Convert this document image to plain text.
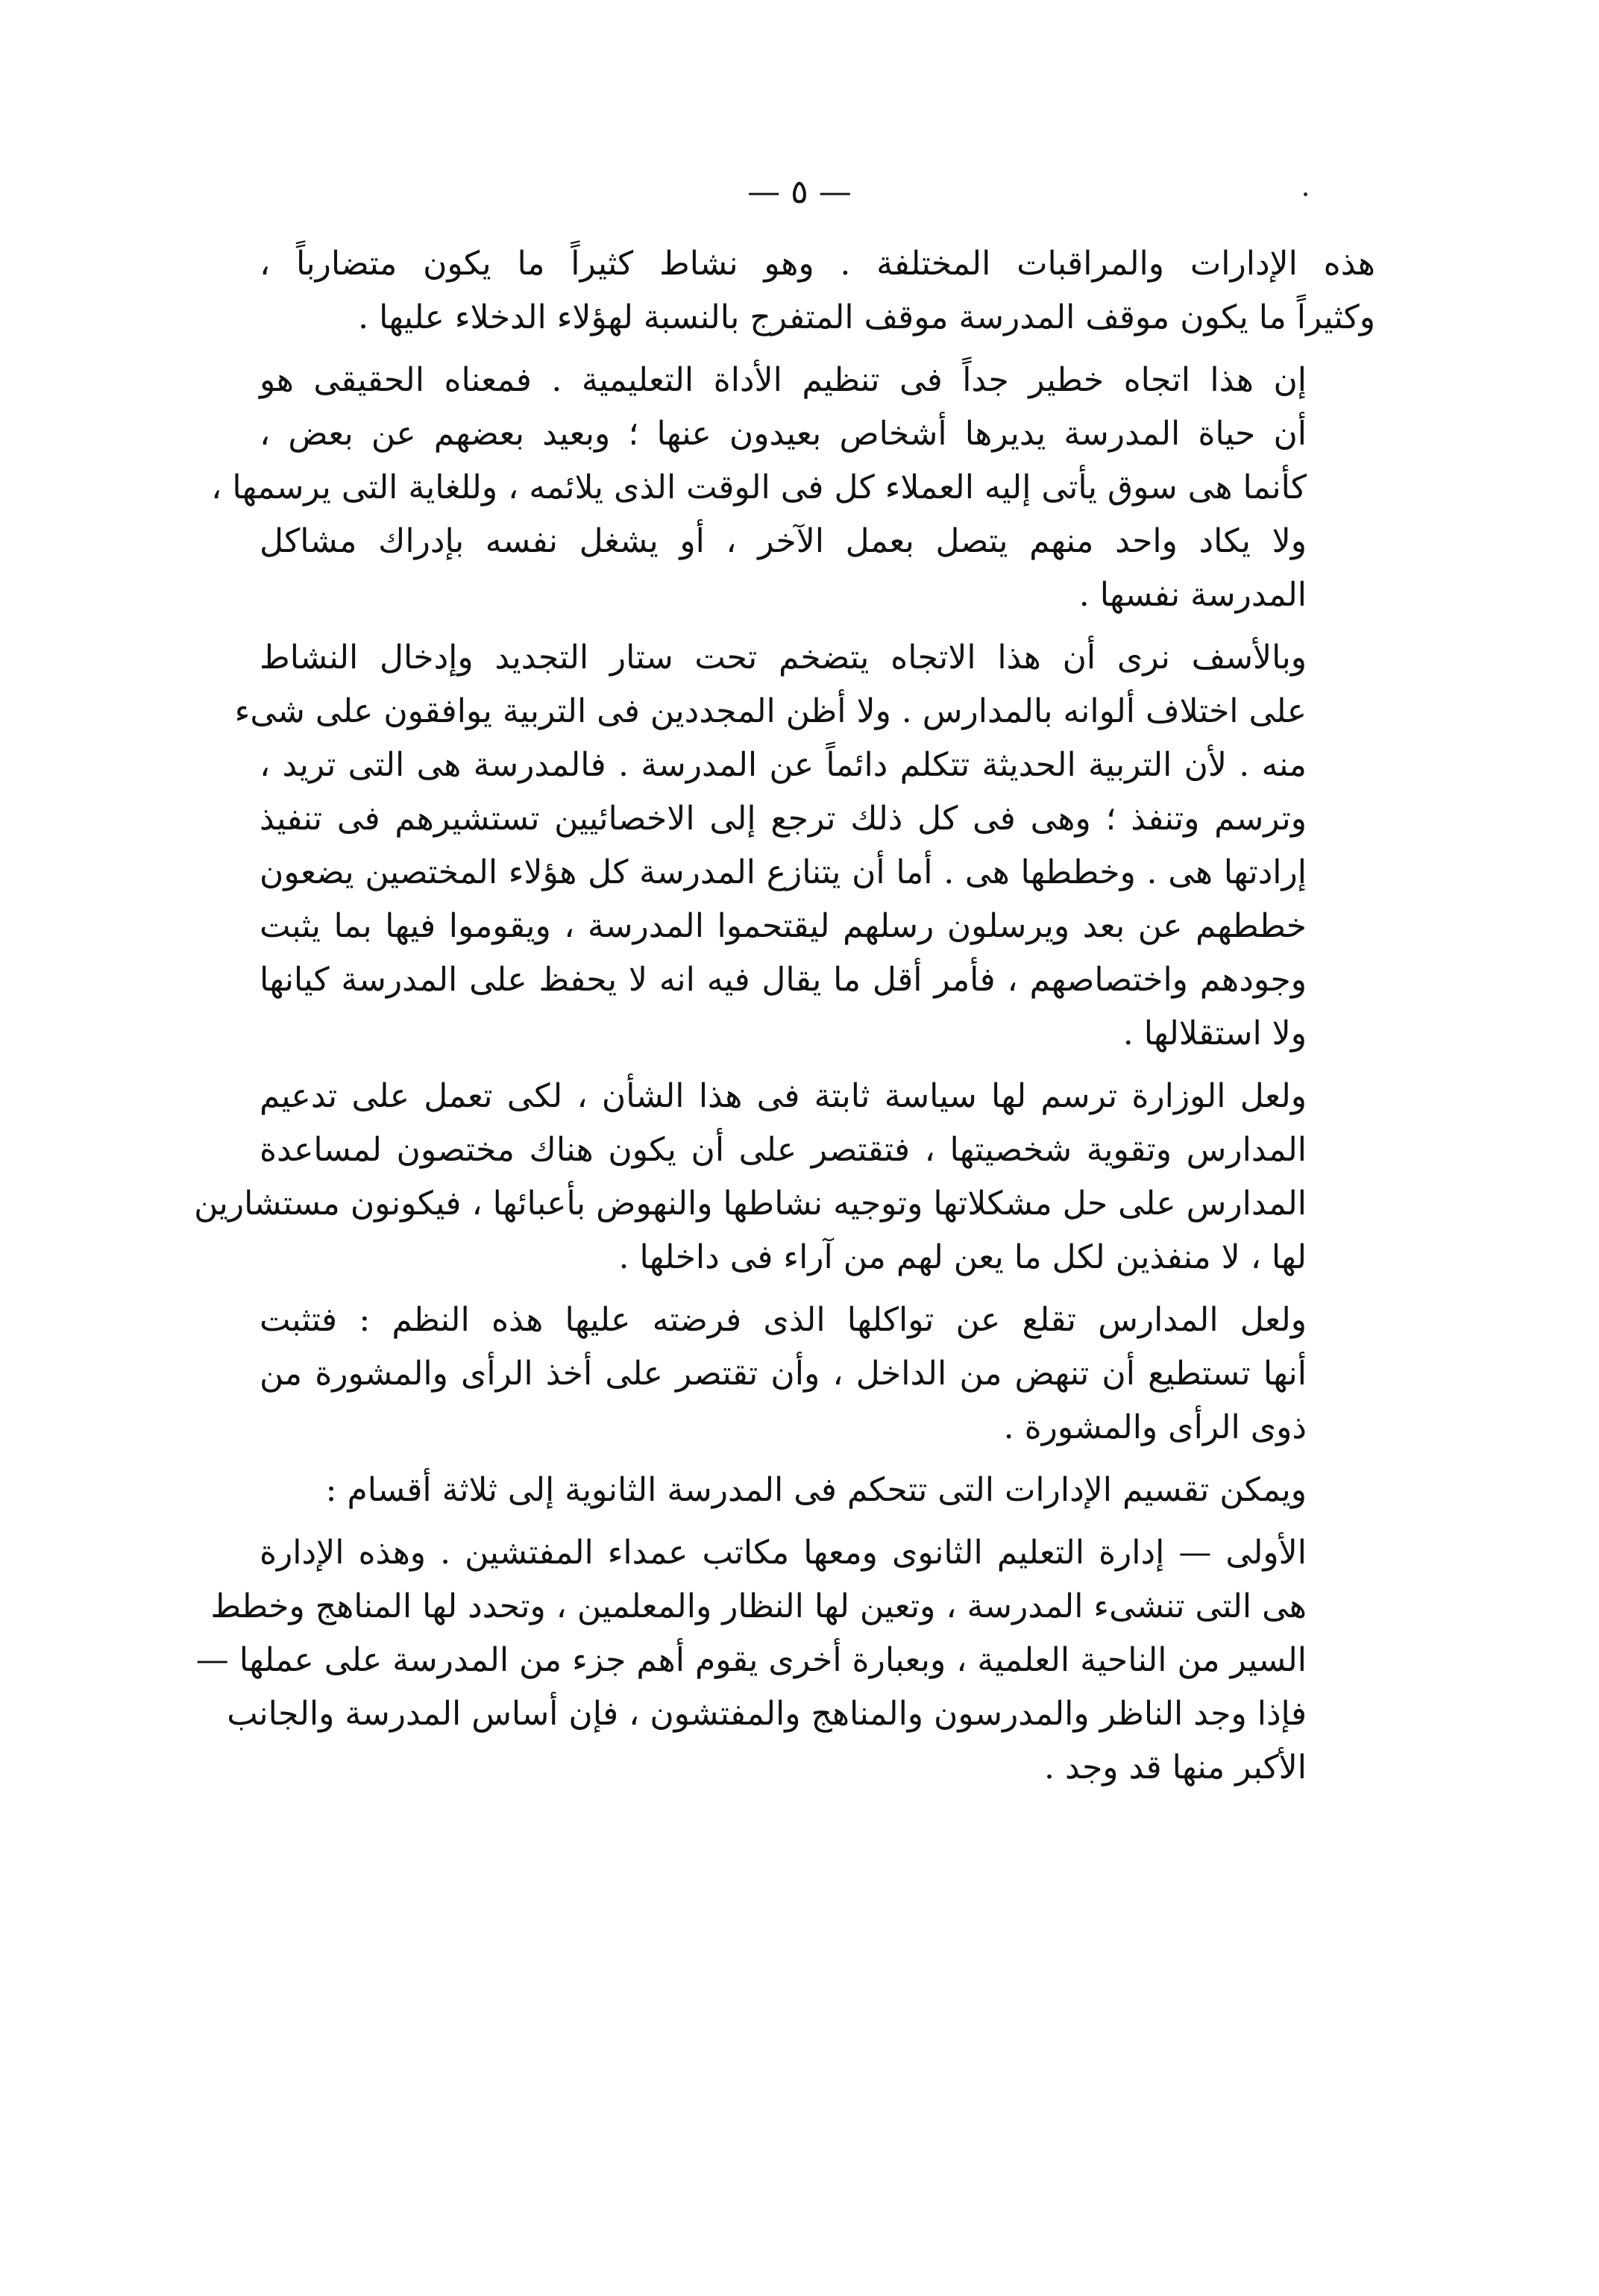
— ٥ —
هذه الإدارات والمراقبات المختلفة . وهو نشاط كثيراً ما يكون متضارباً ،
وكثيراً ما يكون موقف المدرسة موقف المتفرج بالنسبة لهؤلاء الدخلاء عليها .
إن هذا اتجاه خطير جداً فى تنظيم الأداة التعليمية . فمعناه الحقيقى هو
أن حياة المدرسة يديرها أشخاص بعيدون عنها ؛ وبعيد بعضهم عن بعض ،
كأنما هى سوق يأتى إليه العملاء كل فى الوقت الذى يلائمه ، وللغاية التى يرسمها ،
ولا يكاد واحد منهم يتصل بعمل الآخر ، أو يشغل نفسه بإدراك مشاكل
المدرسة نفسها .
وبالأسف نرى أن هذا الاتجاه يتضخم تحت ستار التجديد وإدخال النشاط
على اختلاف ألوانه بالمدارس . ولا أظن المجددين فى التربية يوافقون على شىء
منه . لأن التربية الحديثة تتكلم دائماً عن المدرسة . فالمدرسة هى التى تريد ،
وترسم وتنفذ ؛ وهى فى كل ذلك ترجع إلى الاخصائيين تستشيرهم فى تنفيذ
إرادتها هى . وخططها هى . أما أن يتنازع المدرسة كل هؤلاء المختصين يضعون
خططهم عن بعد ويرسلون رسلهم ليقتحموا المدرسة ، ويقوموا فيها بما يثبت
وجودهم واختصاصهم ، فأمر أقل ما يقال فيه انه لا يحفظ على المدرسة كيانها
ولا استقلالها .
ولعل الوزارة ترسم لها سياسة ثابتة فى هذا الشأن ، لكى تعمل على تدعيم
المدارس وتقوية شخصيتها ، فتقتصر على أن يكون هناك مختصون لمساعدة
المدارس على حل مشكلاتها وتوجيه نشاطها والنهوض بأعبائها ، فيكونون مستشارين
لها ، لا منفذين لكل ما يعن لهم من آراء فى داخلها .
ولعل المدارس تقلع عن تواكلها الذى فرضته عليها هذه النظم : فتثبت
أنها تستطيع أن تنهض من الداخل ، وأن تقتصر على أخذ الرأى والمشورة من
ذوى الرأى والمشورة .
ويمكن تقسيم الإدارات التى تتحكم فى المدرسة الثانوية إلى ثلاثة أقسام :
الأولى — إدارة التعليم الثانوى ومعها مكاتب عمداء المفتشين . وهذه الإدارة
هى التى تنشىء المدرسة ، وتعين لها النظار والمعلمين ، وتحدد لها المناهج وخطط
السير من الناحية العلمية ، وبعبارة أخرى يقوم أهم جزء من المدرسة على عملها —
فإذا وجد الناظر والمدرسون والمناهج والمفتشون ، فإن أساس المدرسة والجانب
الأكبر منها قد وجد .
